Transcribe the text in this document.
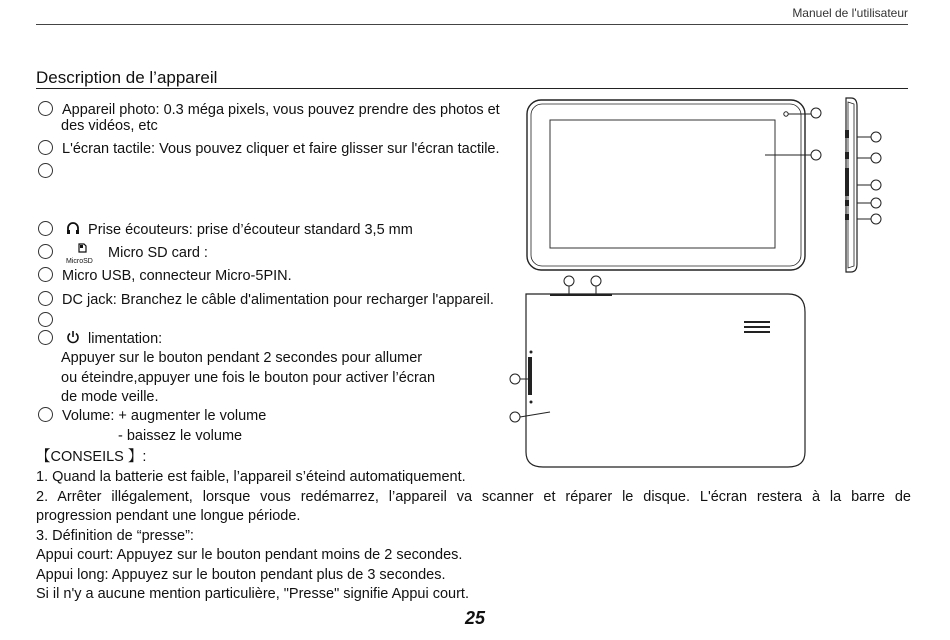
Manuel de l'utilisateur
Description de l’appareil
Appareil photo: 0.3 méga pixels, vous pouvez prendre des photos et
des vidéos, etc
L'écran tactile: Vous pouvez cliquer et faire glisser sur l'écran tactile.
Prise écouteurs: prise d’écouteur standard 3,5 mm

MicroSD
Micro SD card :
Micro USB, connecteur Micro-5PIN.
DC jack: Branchez le câble d'alimentation pour recharger l'appareil.
limentation:
Appuyer sur le bouton pendant 2 secondes pour allumer
ou éteindre,appuyer une fois le bouton pour activer l’écran
de mode veille.
Volume: + augmenter le volume
- baissez le volume
【CONSEILS 】:
1. Quand la batterie est faible, l’appareil s’éteind automatiquement.
2. Arrêter illégalement, lorsque vous redémarrez, l’appareil va scanner et réparer le disque. L'écran restera à la barre de
progression pendant une longue période.
3. Définition de “presse”:
Appui court: Appuyez sur le bouton pendant moins de 2 secondes.
Appui long: Appuyez sur le bouton pendant plus de 3 secondes.
Si il n'y a aucune mention particulière, "Presse" signifie Appui court.
25
